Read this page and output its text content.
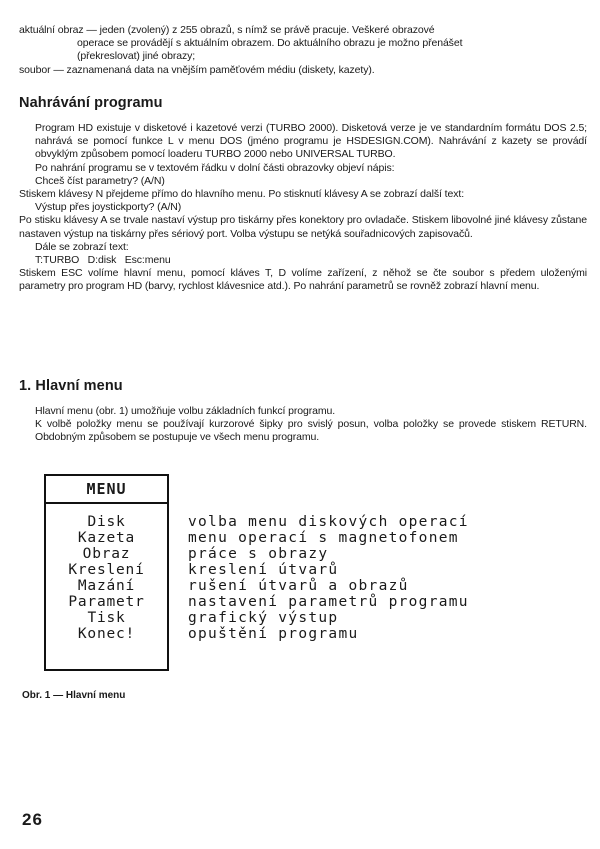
aktuální obraz — jeden (zvolený) z 255 obrazů, s nímž se právě pracuje. Veškeré obrazové

operace se provádějí s aktuálním obrazem. Do aktuálního obrazu je možno přenášet

(překreslovat) jiné obrazy;

soubor — zaznamenaná data na vnějším paměťovém médiu (diskety, kazety).

Nahrávání programu

Program HD existuje v disketové i kazetové verzi (TURBO 2000). Disketová verze je ve standardním formátu DOS 2.5; nahrává se pomocí funkce L v menu DOS (jméno programu je HSDESIGN.COM). Nahrávání z kazety se provádí obvyklým způsobem pomocí loaderu TURBO 2000 nebo UNIVERSAL TURBO.

Po nahrání programu se v textovém řádku v dolní části obrazovky objeví nápis:

Chceš číst parametry? (A/N)

Stiskem klávesy N přejdeme přímo do hlavního menu. Po stisknutí klávesy A se zobrazí další text:

Výstup přes joystickporty? (A/N)

Po stisku klávesy A se trvale nastaví výstup pro tiskárny přes konektory pro ovladače. Stiskem libovolné jiné klávesy zůstane nastaven výstup na tiskárny přes sériový port. Volba výstupu se netýká souřadnicových zapisovačů.

Dále se zobrazí text:

T:TURBO   D:disk   Esc:menu

Stiskem ESC volíme hlavní menu, pomocí kláves T, D volíme zařízení, z něhož se čte soubor s předem uloženými parametry pro program HD (barvy, rychlost klávesnice atd.). Po nahrání parametrů se rovněž zobrazí hlavní menu.

1. Hlavní menu

Hlavní menu (obr. 1) umožňuje volbu základních funkcí programu.

K volbě položky menu se používají kurzorové šipky pro svislý posun, volba položky se provede stiskem RETURN. Obdobným způsobem se postupuje ve všech menu programu.

MENU
Disk
Kazeta
Obraz
Kreslení
Mazání
Parametr
Tisk
Konec!
volba menu diskových operací
menu operací s magnetofonem
práce s obrazy
kreslení útvarů
rušení útvarů a obrazů
nastavení parametrů programu
grafický výstup
opuštění programu
Obr. 1 — Hlavní menu
26
